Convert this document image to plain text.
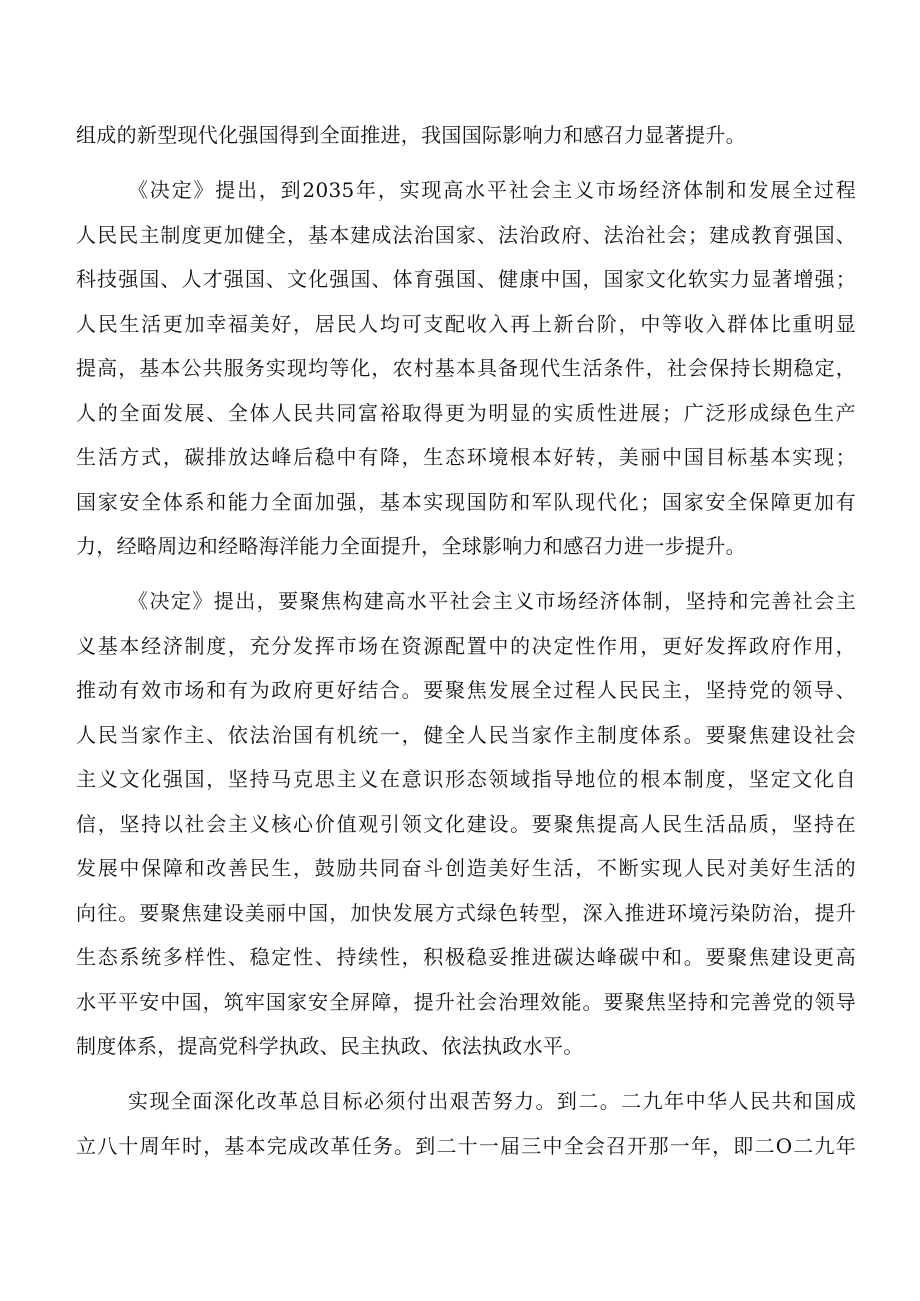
组成的新型现代化强国得到全面推进，我国国际影响力和感召力显著提升。
《决定》提出，到2035年，实现高水平社会主义市场经济体制和发展全过程
人民民主制度更加健全，基本建成法治国家、法治政府、法治社会；建成教育强国、
科技强国、人才强国、文化强国、体育强国、健康中国，国家文化软实力显著增强；
人民生活更加幸福美好，居民人均可支配收入再上新台阶，中等收入群体比重明显
提高，基本公共服务实现均等化，农村基本具备现代生活条件，社会保持长期稳定，
人的全面发展、全体人民共同富裕取得更为明显的实质性进展；广泛形成绿色生产
生活方式，碳排放达峰后稳中有降，生态环境根本好转，美丽中国目标基本实现；
国家安全体系和能力全面加强，基本实现国防和军队现代化；国家安全保障更加有
力，经略周边和经略海洋能力全面提升，全球影响力和感召力进一步提升。
《决定》提出，要聚焦构建高水平社会主义市场经济体制，坚持和完善社会主
义基本经济制度，充分发挥市场在资源配置中的决定性作用，更好发挥政府作用，
推动有效市场和有为政府更好结合。要聚焦发展全过程人民民主，坚持党的领导、
人民当家作主、依法治国有机统一，健全人民当家作主制度体系。要聚焦建设社会
主义文化强国，坚持马克思主义在意识形态领域指导地位的根本制度，坚定文化自
信，坚持以社会主义核心价值观引领文化建设。要聚焦提高人民生活品质，坚持在
发展中保障和改善民生，鼓励共同奋斗创造美好生活，不断实现人民对美好生活的
向往。要聚焦建设美丽中国，加快发展方式绿色转型，深入推进环境污染防治，提升
生态系统多样性、稳定性、持续性，积极稳妥推进碳达峰碳中和。要聚焦建设更高
水平平安中国，筑牢国家安全屏障，提升社会治理效能。要聚焦坚持和完善党的领导
制度体系，提高党科学执政、民主执政、依法执政水平。
实现全面深化改革总目标必须付出艰苦努力。到二。二九年中华人民共和国成
立八十周年时，基本完成改革任务。到二十一届三中全会召开那一年，即二O二九年
